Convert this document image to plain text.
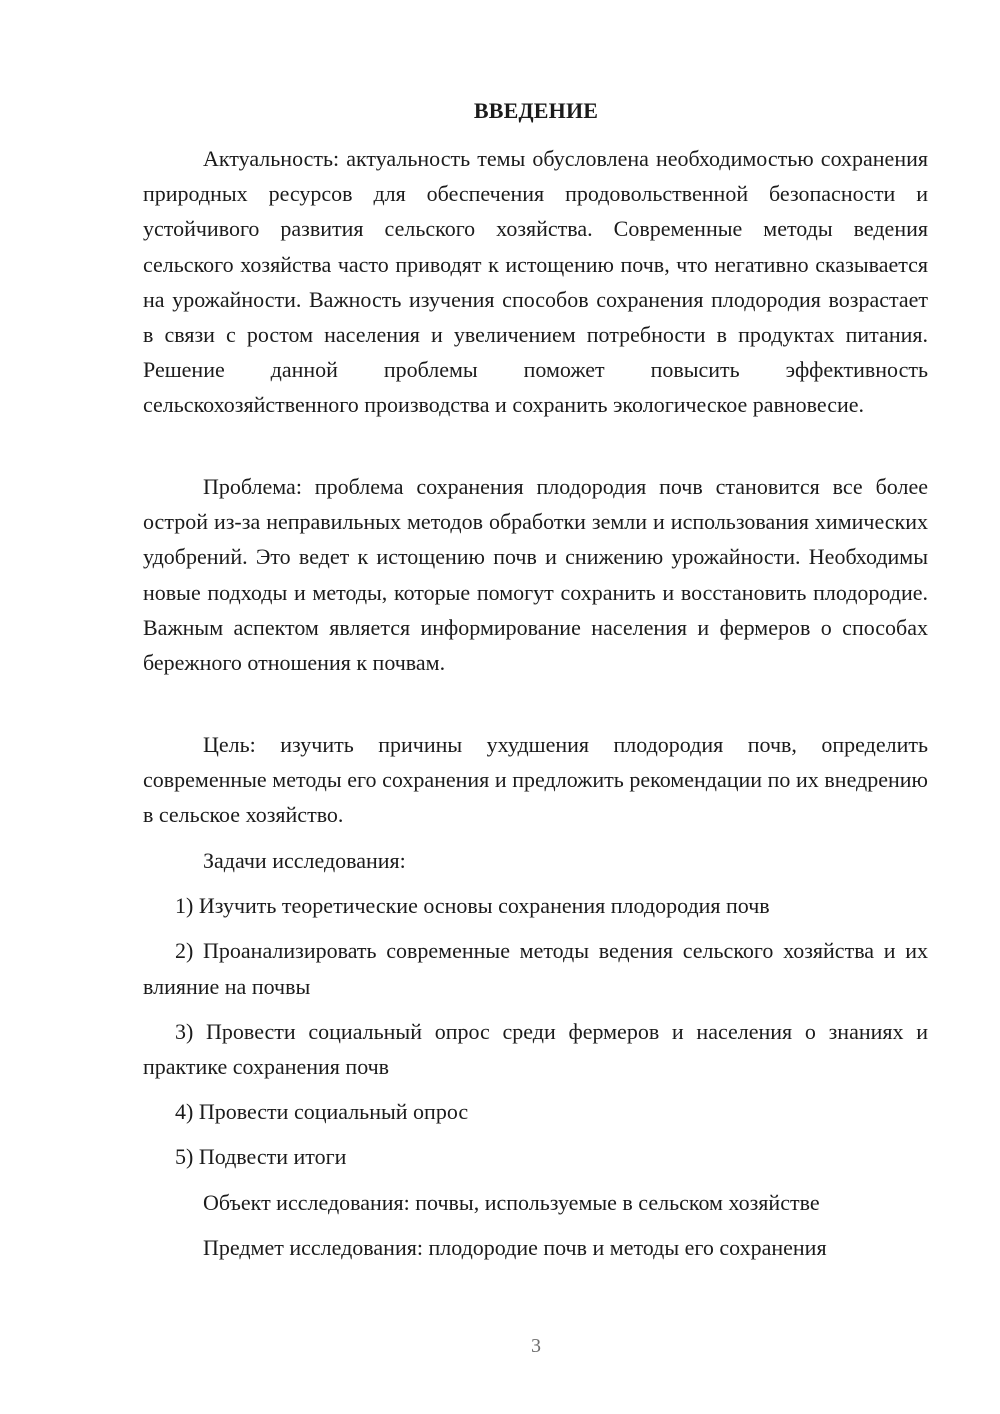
ВВЕДЕНИЕ

Актуальность: актуальность темы обусловлена необходимостью сохранения природных ресурсов для обеспечения продовольственной безопасности и устойчивого развития сельского хозяйства. Современные методы ведения сельского хозяйства часто приводят к истощению почв, что негативно сказывается на урожайности. Важность изучения способов сохранения плодородия возрастает в связи с ростом населения и увеличением потребности в продуктах питания. Решение данной проблемы поможет повысить эффективность сельскохозяйственного производства и сохранить экологическое равновесие.

Проблема: проблема сохранения плодородия почв становится все более острой из-за неправильных методов обработки земли и использования химических удобрений. Это ведет к истощению почв и снижению урожайности. Необходимы новые подходы и методы, которые помогут сохранить и восстановить плодородие. Важным аспектом является информирование населения и фермеров о способах бережного отношения к почвам.

Цель: изучить причины ухудшения плодородия почв, определить современные методы его сохранения и предложить рекомендации по их внедрению в сельское хозяйство.

Задачи исследования:

1) Изучить теоретические основы сохранения плодородия почв

2) Проанализировать современные методы ведения сельского хозяйства и их влияние на почвы

3) Провести социальный опрос среди фермеров и населения о знаниях и практике сохранения почв

4) Провести социальный опрос

5) Подвести итоги

Объект исследования: почвы, используемые в сельском хозяйстве

Предмет исследования: плодородие почв и методы его сохранения

3
